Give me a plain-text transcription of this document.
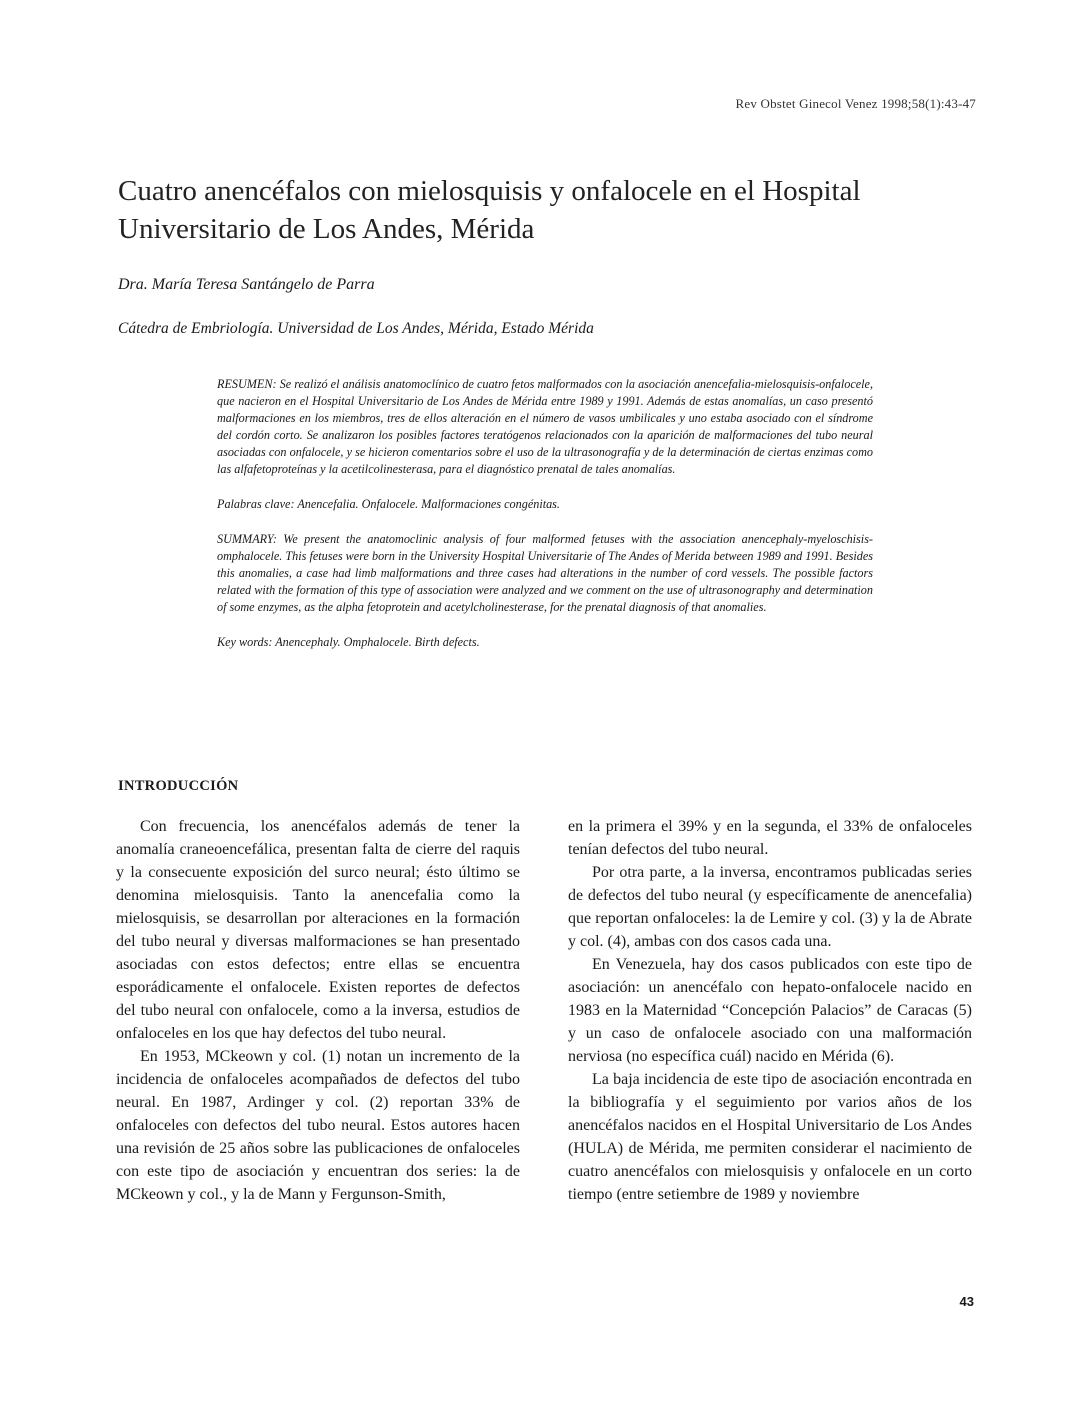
Rev Obstet Ginecol Venez 1998;58(1):43-47
Cuatro anencéfalos con mielosquisis y onfalocele en el Hospital Universitario de Los Andes, Mérida
Dra. María Teresa Santángelo de Parra
Cátedra de Embriología. Universidad de Los Andes, Mérida, Estado Mérida

RESUMEN: Se realizó el análisis anatomoclínico de cuatro fetos malformados con la asociación anencefalia-mielosquisis-onfalocele, que nacieron en el Hospital Universitario de Los Andes de Mérida entre 1989 y 1991. Además de estas anomalías, un caso presentó malformaciones en los miembros, tres de ellos alteración en el número de vasos umbilicales y uno estaba asociado con el síndrome del cordón corto. Se analizaron los posibles factores teratógenos relacionados con la aparición de malformaciones del tubo neural asociadas con onfalocele, y se hicieron comentarios sobre el uso de la ultrasonografía y de la determinación de ciertas enzimas como las alfafetoproteínas y la acetilcolinesterasa, para el diagnóstico prenatal de tales anomalías.

Palabras clave: Anencefalia. Onfalocele. Malformaciones congénitas.

SUMMARY: We present the anatomoclinic analysis of four malformed fetuses with the association anencephaly-myeloschisis-omphalocele. This fetuses were born in the University Hospital Universitarie of The Andes of Merida between 1989 and 1991. Besides this anomalies, a case had limb malformations and three cases had alterations in the number of cord vessels. The possible factors related with the formation of this type of association were analyzed and we comment on the use of ultrasonography and determination of some enzymes, as the alpha fetoprotein and acetylcholinesterase, for the prenatal diagnosis of that anomalies.

Key words: Anencephaly. Omphalocele. Birth defects.

INTRODUCCIÓN

Con frecuencia, los anencéfalos además de tener la anomalía craneoencefálica, presentan falta de cierre del raquis y la consecuente exposición del surco neural; ésto último se denomina mielosquisis. Tanto la anencefalia como la mielosquisis, se desarrollan por alteraciones en la formación del tubo neural y diversas malformaciones se han presentado asociadas con estos defectos; entre ellas se encuentra esporádicamente el onfalocele. Existen reportes de defectos del tubo neural con onfalocele, como a la inversa, estudios de onfaloceles en los que hay defectos del tubo neural.

En 1953, MCkeown y col. (1) notan un incremento de la incidencia de onfaloceles acompañados de defectos del tubo neural. En 1987, Ardinger y col. (2) reportan 33% de onfaloceles con defectos del tubo neural. Estos autores hacen una revisión de 25 años sobre las publicaciones de onfaloceles con este tipo de asociación y encuentran dos series: la de MCkeown y col., y la de Mann y Fergunson-Smith,

en la primera el 39% y en la segunda, el 33% de onfaloceles tenían defectos del tubo neural.

Por otra parte, a la inversa, encontramos publicadas series de defectos del tubo neural (y específicamente de anencefalia) que reportan onfaloceles: la de Lemire y col. (3) y la de Abrate y col. (4), ambas con dos casos cada una.

En Venezuela, hay dos casos publicados con este tipo de asociación: un anencéfalo con hepato-onfalocele nacido en 1983 en la Maternidad “Concepción Palacios” de Caracas (5) y un caso de onfalocele asociado con una malformación nerviosa (no específica cuál) nacido en Mérida (6).

La baja incidencia de este tipo de asociación encontrada en la bibliografía y el seguimiento por varios años de los anencéfalos nacidos en el Hospital Universitario de Los Andes (HULA) de Mérida, me permiten considerar el nacimiento de cuatro anencéfalos con mielosquisis y onfalocele en un corto tiempo (entre setiembre de 1989 y noviembre

43
